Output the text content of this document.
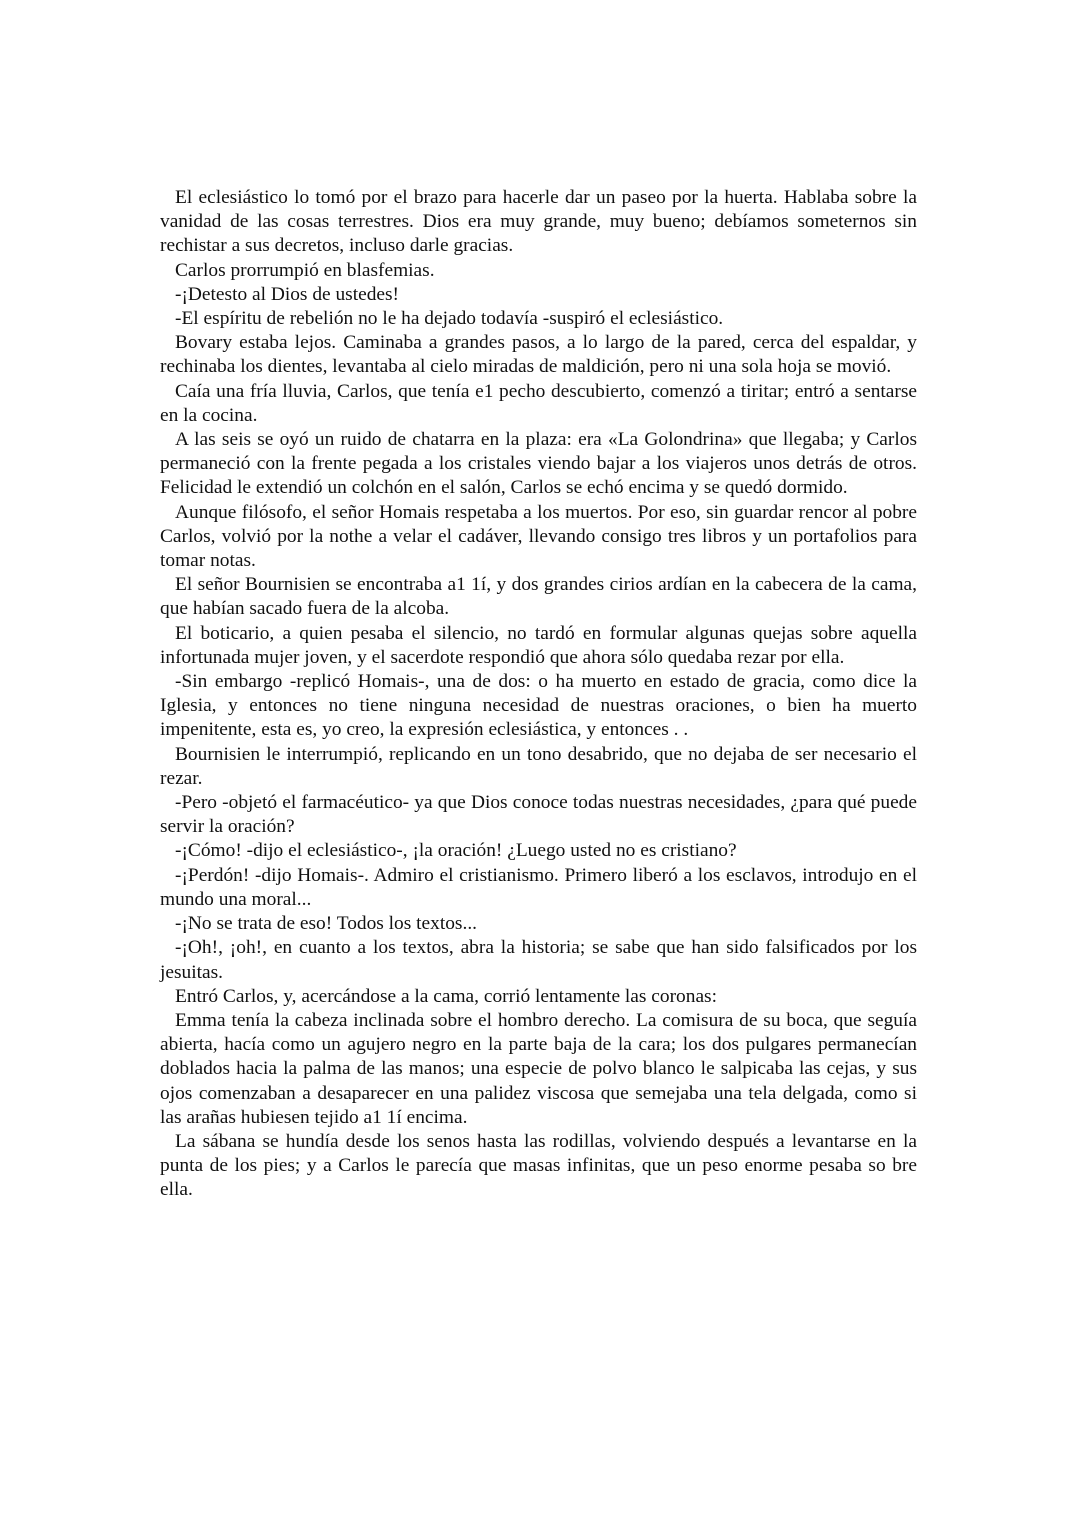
El eclesiástico lo tomó por el brazo para hacerle dar un paseo por la huerta. Hablaba sobre la vanidad de las cosas terrestres. Dios era muy grande, muy bueno; debíamos someternos sin rechistar a sus decretos, incluso darle gracias.

Carlos prorrumpió en blasfemias.

-¡Detesto al Dios de ustedes!

-El espíritu de rebelión no le ha dejado todavía -suspiró el eclesiástico.

Bovary estaba lejos. Caminaba a grandes pasos, a lo largo de la pared, cerca del espaldar, y rechinaba los dientes, levantaba al cielo miradas de maldición, pero ni una sola hoja se movió.

Caía una fría lluvia, Carlos, que tenía e1 pecho descubierto, comenzó a tiritar; entró a sentarse en la cocina.

A las seis se oyó un ruido de chatarra en la plaza: era «La Golondrina» que llegaba; y Carlos permaneció con la frente pegada a los cristales viendo bajar a los viajeros unos detrás de otros. Felicidad le extendió un colchón en el salón, Carlos se echó encima y se quedó dormido.

Aunque filósofo, el señor Homais respetaba a los muertos. Por eso, sin guardar rencor al pobre Carlos, volvió por la nothe a velar el cadáver, llevando consigo tres libros y un portafolios para tomar notas.

El señor Bournisien se encontraba a1 1í, y dos grandes cirios ardían en la cabecera de la cama, que habían sacado fuera de la alcoba.

El boticario, a quien pesaba el silencio, no tardó en formular algunas quejas sobre aquella infortunada mujer joven, y el sacerdote respondió que ahora sólo quedaba rezar por ella.

-Sin embargo -replicó Homais-, una de dos: o ha muerto en estado de gracia, como dice la Iglesia, y entonces no tiene ninguna necesidad de nuestras oraciones, o bien ha muerto impenitente, esta es, yo creo, la expresión eclesiástica, y entonces . .

Bournisien le interrumpió, replicando en un tono desabrido, que no dejaba de ser necesario el rezar.

-Pero -objetó el farmacéutico- ya que Dios conoce todas nuestras necesidades, ¿para qué puede servir la oración?

-¡Cómo! -dijo el eclesiástico-, ¡la oración! ¿Luego usted no es cristiano?

-¡Perdón! -dijo Homais-. Admiro el cristianismo. Primero liberó a los esclavos, introdujo en el mundo una moral...

-¡No se trata de eso! Todos los textos...

-¡Oh!, ¡oh!, en cuanto a los textos, abra la historia; se sabe que han sido falsificados por los jesuitas.

Entró Carlos, y, acercándose a la cama, corrió lentamente las coronas:

Emma tenía la cabeza inclinada sobre el hombro derecho. La comisura de su boca, que seguía abierta, hacía como un agujero negro en la parte baja de la cara; los dos pulgares permanecían doblados hacia la palma de las manos; una especie de polvo blanco le salpicaba las cejas, y sus ojos comenzaban a desaparecer en una palidez viscosa que semejaba una tela delgada, como si las arañas hubiesen tejido a1 1í encima.

La sábana se hundía desde los senos hasta las rodillas, volviendo después a levantarse en la punta de los pies; y a Carlos le parecía que masas infinitas, que un peso enorme pesaba so bre ella.
